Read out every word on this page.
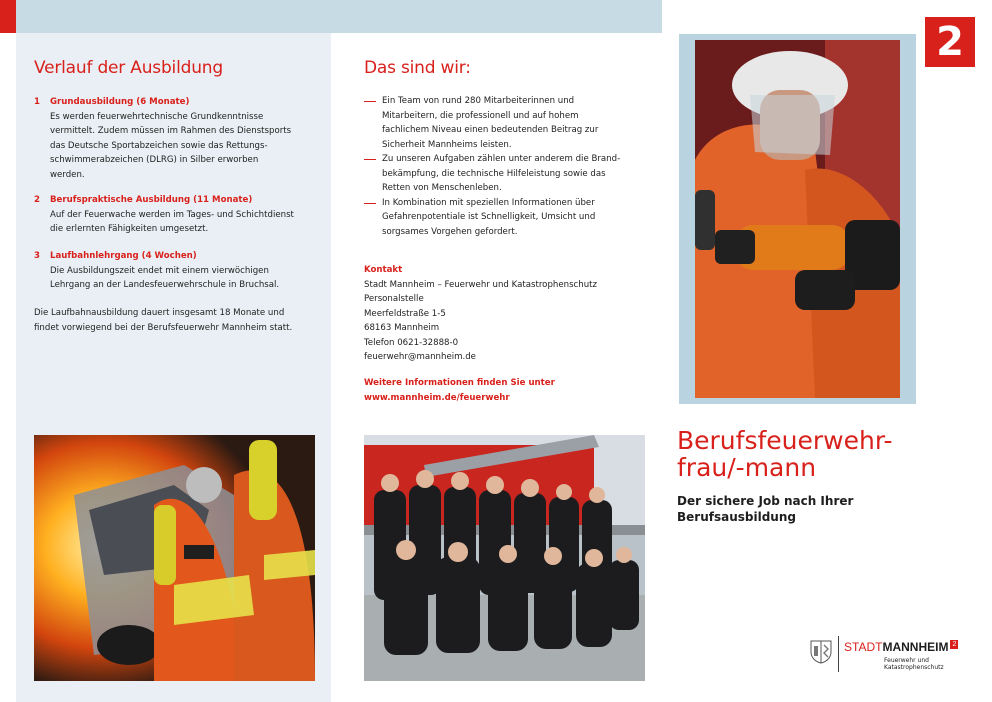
Verlauf der Ausbildung
1 Grundausbildung (6 Monate)
Es werden feuerwehrtechnische Grundkenntnisse
vermittelt. Zudem müssen im Rahmen des Dienstsports
das Deutsche Sportabzeichen sowie das Rettungs-
schwimmerabzeichen (DLRG) in Silber erworben
werden.
2 Berufspraktische Ausbildung (11 Monate)
Auf der Feuerwache werden im Tages- und Schichtdienst
die erlernten Fähigkeiten umgesetzt.
3 Laufbahnlehrgang (4 Wochen)
Die Ausbildungszeit endet mit einem vierwöchigen
Lehrgang an der Landesfeuerwehrschule in Bruchsal.
Die Laufbahnausbildung dauert insgesamt 18 Monate und
findet vorwiegend bei der Berufsfeuerwehr Mannheim statt.
Das sind wir:
Ein Team von rund 280 Mitarbeiterinnen und
Mitarbeitern, die professionell und auf hohem
fachlichem Niveau einen bedeutenden Beitrag zur
Sicherheit Mannheims leisten.
Zu unseren Aufgaben zählen unter anderem die Brand-
bekämpfung, die technische Hilfeleistung sowie das
Retten von Menschenleben.
In Kombination mit speziellen Informationen über
Gefahrenpotentiale ist Schnelligkeit, Umsicht und
sorgsames Vorgehen gefordert.
Kontakt
Stadt Mannheim – Feuerwehr und Katastrophenschutz
Personalstelle
Meerfeldstraße 1-5
68163 Mannheim
Telefon 0621-32888-0
feuerwehr@mannheim.de
Weitere Informationen finden Sie unter
www.mannheim.de/feuerwehr
2
Berufsfeuerwehr-
frau/-mann
Der sichere Job nach Ihrer
Berufsausbildung
STADTMANNHEIM 2
Feuerwehr und
Katastrophenschutz
